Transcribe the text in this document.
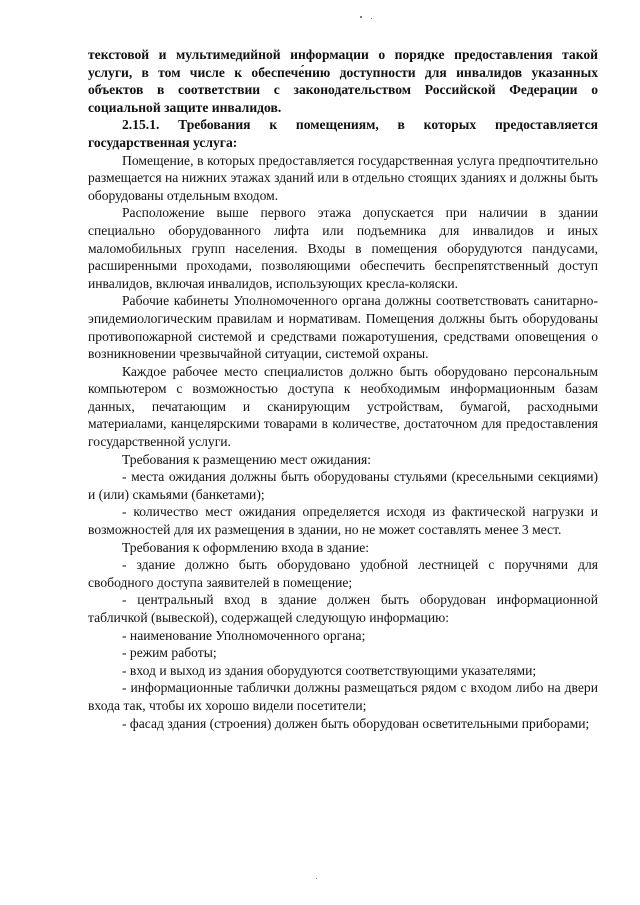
текстовой и мультимедийной информации о порядке предоставления такой услуги, в том числе к обеспече́нию доступности для инвалидов указанных объектов в соответствии с законодательством Российской Федерации о социальной защите инвалидов.

2.15.1. Требования к помещениям, в которых предоставляется государственная услуга:

Помещение, в которых предоставляется государственная услуга предпочтительно размещается на нижних этажах зданий или в отдельно стоящих зданиях и должны быть оборудованы отдельным входом.

Расположение выше первого этажа допускается при наличии в здании специально оборудованного лифта или подъемника для инвалидов и иных маломобильных групп населения. Входы в помещения оборудуются пандусами, расширенными проходами, позволяющими обеспечить беспрепятственный доступ инвалидов, включая инвалидов, использующих кресла-коляски.

Рабочие кабинеты Уполномоченного органа должны соответствовать санитарно-эпидемиологическим правилам и нормативам. Помещения должны быть оборудованы противопожарной системой и средствами пожаротушения, средствами оповещения о возникновении чрезвычайной ситуации, системой охраны.

Каждое рабочее место специалистов должно быть оборудовано персональным компьютером с возможностью доступа к необходимым информационным базам данных, печатающим и сканирующим устройствам, бумагой, расходными материалами, канцелярскими товарами в количестве, достаточном для предоставления государственной услуги.

Требования к размещению мест ожидания:

- места ожидания должны быть оборудованы стульями (кресельными секциями) и (или) скамьями (банкетами);

- количество мест ожидания определяется исходя из фактической нагрузки и возможностей для их размещения в здании, но не может составлять менее 3 мест.

Требования к оформлению входа в здание:

- здание должно быть оборудовано удобной лестницей с поручнями для свободного доступа заявителей в помещение;

- центральный вход в здание должен быть оборудован информационной табличкой (вывеской), содержащей следующую информацию:

- наименование Уполномоченного органа;

- режим работы;

- вход и выход из здания оборудуются соответствующими указателями;

- информационные таблички должны размещаться рядом с входом либо на двери входа так, чтобы их хорошо видели посетители;

- фасад здания (строения) должен быть оборудован осветительными приборами;
